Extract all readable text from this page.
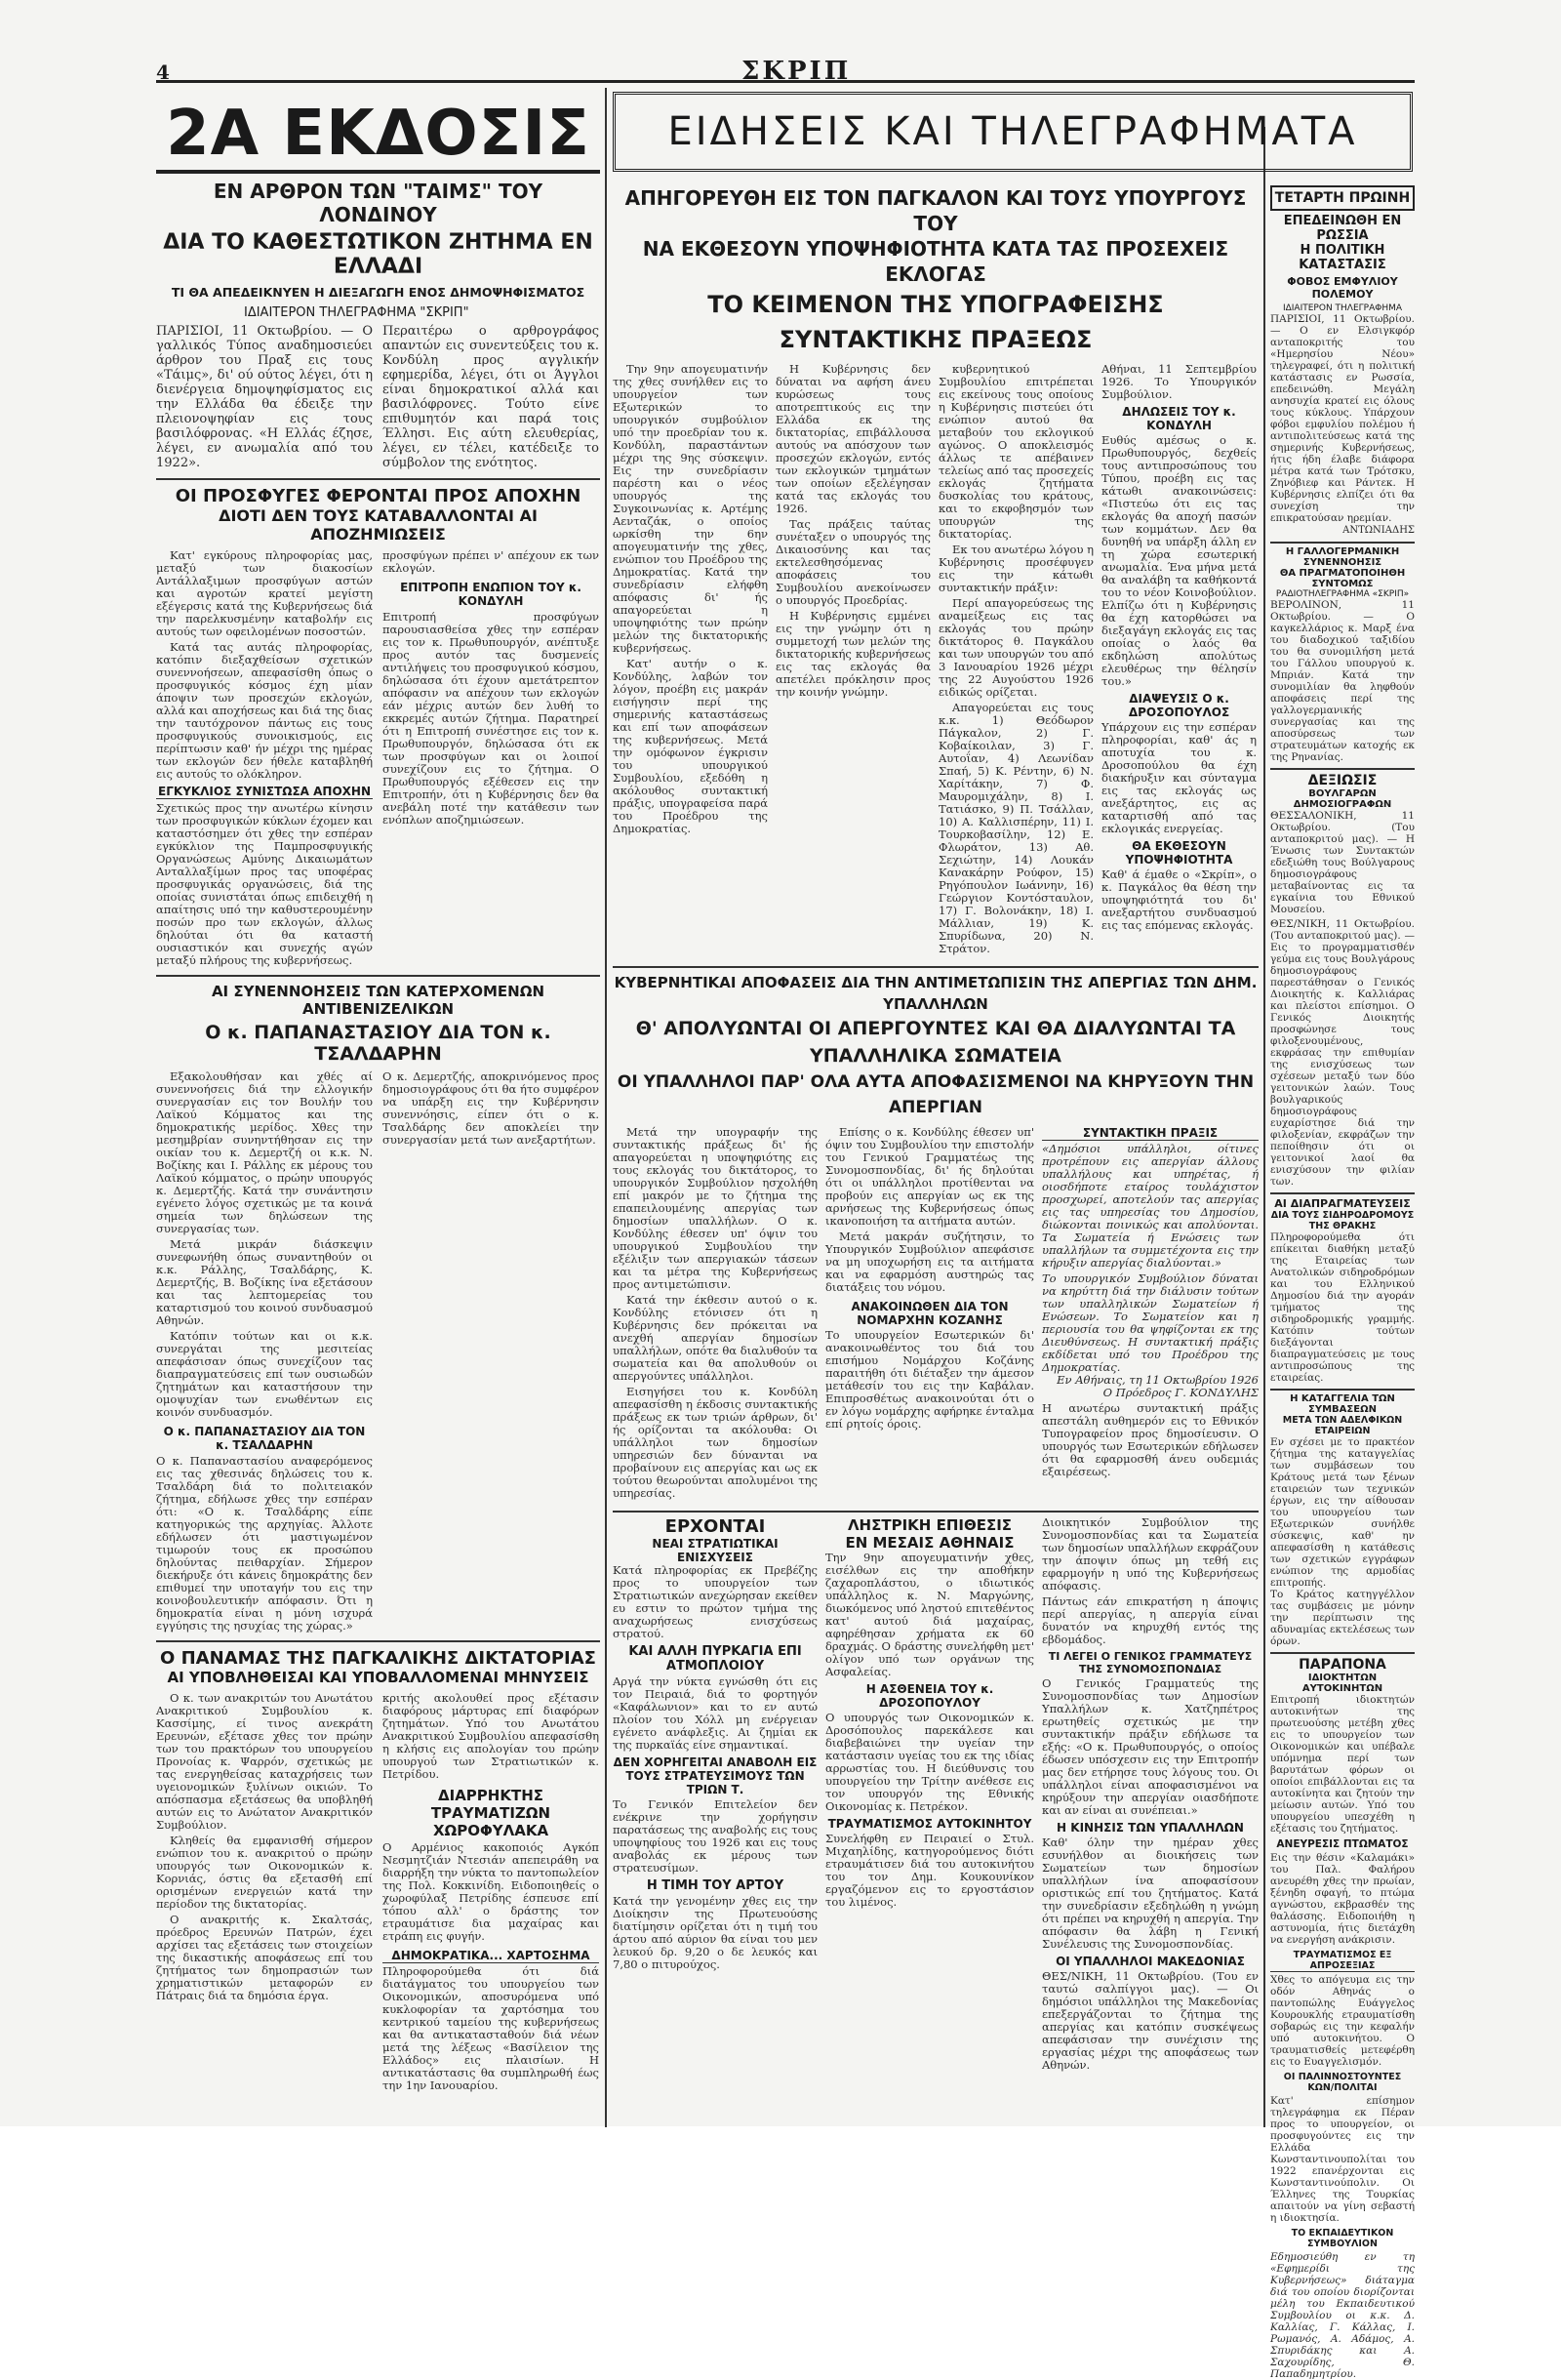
4	ΣΚΡΙΠ
2Α ΕΚΔΟΣΙΣ
ΕΝ ΑΡΘΡΟΝ ΤΩΝ "ΤΑΙΜΣ" ΤΟΥ ΛΟΝΔΙΝΟΥ
ΔΙΑ ΤΟ ΚΑΘΕΣΤΩΤΙΚΟΝ ΖΗΤΗΜΑ ΕΝ ΕΛΛΑΔΙ
ΤΙ ΘΑ ΑΠΕΔΕΙΚΝΥΕΝ Η ΔΙΕΞΑΓΩΓΗ ΕΝΟΣ ΔΗΜΟΨΗΦΙΣΜΑΤΟΣ
ΙΔΙΑΙΤΕΡΟΝ ΤΗΛΕΓΡΑΦΗΜΑ "ΣΚΡΙΠ"
ΠΑΡΙΣΙΟΙ, 11 Οκτωβρίου. — Ο γαλλικός Τύπος αναδημοσιεύει άρθρον του Πραξ εις τους «Τάιμς», δι' ού ούτος λέγει, ότι η διενέργεια δημοψηφίσματος εις την Ελλάδα θα έδειξε την πλειονοψηφίαν εις τους βασιλόφρονας. «Η Ελλάς έζησε, λέγει, εν ανωμαλία από του 1922».
Περαιτέρω ο αρθρογράφος απαντών εις συνεντεύξεις του κ. Κονδύλη προς αγγλικήν εφημερίδα, λέγει, ότι οι Άγγλοι είναι δημοκρατικοί αλλά και βασιλόφρονες. Τούτο είνε επιθυμητόν και παρά τοις Έλλησι. Εις αύτη ελευθερίας, λέγει, εν τέλει, κατέδειξε το σύμβολον της ενότητος.
ΟΙ ΠΡΟΣΦΥΓΕΣ ΦΕΡΟΝΤΑΙ ΠΡΟΣ ΑΠΟΧΗΝ
ΔΙΟΤΙ ΔΕΝ ΤΟΥΣ ΚΑΤΑΒΑΛΛΟΝΤΑΙ ΑΙ ΑΠΟΖΗΜΙΩΣΕΙΣ

Κατ' εγκύρους πληροφορίας μας, μεταξύ των διακοσίων Αντάλλαξιμων προσφύγων αστών και αγροτών κρατεί μεγίστη εξέγερσις κατά της Κυβερνήσεως διά την παρελκυσμένην καταβολήν εις αυτούς των οφειλομένων ποσοστών.

Κατά τας αυτάς πληροφορίας, κατόπιν διεξαχθείσων σχετικών συνεννοήσεων, απεφασίσθη όπως ο προσφυγικός κόσμος έχη μίαν άποψιν των προσεχών εκλογών, αλλά και αποχήσεως και διά της διας την ταυτόχρονον πάντως εις τους προσφυγικούς συνοικισμούς, εις περίπτωσιν καθ' ήν μέχρι της ημέρας των εκλογών δεν ήθελε καταβληθή εις αυτούς το ολόκληρον.

ΕΓΚΥΚΛΙΟΣ ΣΥΝΙΣΤΩΣΑ ΑΠΟΧΗΝ
Σχετικώς προς την ανωτέρω κίνησιν των προσφυγικών κύκλων έχομεν και καταστόσημεν ότι χθες την εσπέραν εγκύκλιον της Παμπροσφυγικής Οργανώσεως Αμύνης Δικαιωμάτων Ανταλλαξίμων προς τας υποφέρας προσφυγικάς οργανώσεις, διά της οποίας συνιστάται όπως επιδειχθή η απαίτησις υπό την καθυστερουμένην ποσών προ των εκλογών, άλλως δηλούται ότι θα καταστή ουσιαστικόν και συνεχής αγών μεταξύ πλήρους της κυβερνήσεως.
προσφύγων πρέπει ν' απέχουν εκ των εκλογών.
ΕΠΙΤΡΟΠΗ ΕΝΩΠΙΟΝ ΤΟΥ κ. ΚΟΝΔΥΛΗ
Επιτροπή προσφύγων παρουσιασθείσα χθες την εσπέραν εις τον κ. Πρωθυπουργόν, ανέπτυξε προς αυτόν τας δυσμενείς αντιλήψεις του προσφυγικού κόσμου, δηλώσασα ότι έχουν αμετάτρεπτον απόφασιν να απέχουν των εκλογών εάν μέχρις αυτών δεν λυθή το εκκρεμές αυτών ζήτημα. Παρατηρεί ότι η Επιτροπή συνέστησε εις τον κ. Πρωθυπουργόν, δηλώσασα ότι εκ των προσφύγων και οι λοιποί συνεχίζουν εις το ζήτημα. Ο Πρωθυπουργός εξέθεσεν εις την Επιτροπήν, ότι η Κυβέρνησις δεν θα ανεβάλη ποτέ την κατάθεσιν των ενόπλων αποζημιώσεων.
ΑΙ ΣΥΝΕΝΝΟΗΣΕΙΣ ΤΩΝ ΚΑΤΕΡΧΟΜΕΝΩΝ ΑΝΤΙΒΕΝΙΖΕΛΙΚΩΝ
Ο κ. ΠΑΠΑΝΑΣΤΑΣΙΟΥ ΔΙΑ ΤΟΝ κ. ΤΣΑΛΔΑΡΗΝ

Εξακολουθήσαν και χθές αί συνεννοήσεις διά την ελλογικήν συνεργασίαν εις τον Βουλήν του Λαϊκού Κόμματος και της δημοκρατικής μερίδος. Χθες την μεσημβρίαν συνηντήθησαν εις την οικίαν του κ. Δεμερτζή οι κ.κ. Ν. Βοζίκης και Ι. Ράλλης εκ μέρους του Λαϊκού κόμματος, ο πρώην υπουργός κ. Δεμερτζής. Κατά την συνάντησιν εγένετο λόγος σχετικώς με τα κοινά σημεία των δηλώσεων της συνεργασίας των.

Μετά μικράν διάσκεψιν συνεφωνήθη όπως συναντηθούν οι κ.κ. Ράλλης, Τσαλδάρης, Κ. Δεμερτζής, Β. Βοζίκης ίνα εξετάσουν και τας λεπτομερείας του καταρτισμού του κοινού συνδυασμού Αθηνών.

Κατόπιν τούτων και οι κ.κ. συνεργάται της μεσιτείας απεφάσισαν όπως συνεχίζουν τας διαπραγματεύσεις επί των ουσιωδών ζητημάτων και καταστήσουν την ομοψυχίαν των ενωθέντων εις κοινόν συνδυασμόν.

Ο κ. ΠΑΠΑΝΑΣΤΑΣΙΟΥ ΔΙΑ ΤΟΝ κ. ΤΣΑΛΔΑΡΗΝ
Ο κ. Παπαναστασίου αναφερόμενος εις τας χθεσινάς δηλώσεις του κ. Τσαλδάρη διά το πολιτειακόν ζήτημα, εδήλωσε χθες την εσπέραν ότι: «Ο κ. Τσαλδάρης είπε κατηγορικώς της αρχηγίας. Άλλοτε εδήλωσεν ότι μαστιγωμένον τιμωρούν τους εκ προσώπου δηλούντας πειθαρχίαν. Σήμερον διεκήρυξε ότι κάνεις δημοκράτης δεν επιθυμεί την υποταγήν του εις την κοινοβουλευτικήν απόφασιν. Ότι η δημοκρατία είναι η μόνη ισχυρά εγγύησις της ησυχίας της χώρας.»
Ο κ. Δεμερτζής, αποκρινόμενος προς δημοσιογράφους ότι θα ήτο συμφέρον να υπάρξη εις την Κυβέρνησιν συνεννόησις, είπεν ότι ο κ. Τσαλδάρης δεν αποκλείει την συνεργασίαν μετά των ανεξαρτήτων.
Ο ΠΑΝΑΜΑΣ ΤΗΣ ΠΑΓΚΑΛΙΚΗΣ ΔΙΚΤΑΤΟΡΙΑΣ
ΑΙ ΥΠΟΒΛΗΘΕΙΣΑΙ ΚΑΙ ΥΠΟΒΑΛΛΟΜΕΝΑΙ ΜΗΝΥΣΕΙΣ

Ο κ. των ανακριτών του Ανωτάτου Ανακριτικού Συμβουλίου κ. Κασσίμης, εί τινος ανεκράτη Ερευνών, εξέτασε χθες τον πρώην των του πρακτόρων του υπουργείου Προνοίας κ. Ψαρρόν, σχετικώς με τας ενεργηθείσας καταχρήσεις των υγειονομικών ξυλίνων οικιών. Το απόσπασμα εξετάσεως θα υποβληθή αυτών εις το Ανώτατον Ανακριτικόν Συμβούλιον.

Κληθείς θα εμφανισθή σήμερον ενώπιον του κ. ανακριτού ο πρώην υπουργός των Οικονομικών κ. Κορνιάς, όστις θα εξετασθή επί ορισμένων ενεργειών κατά την περίοδον της δικτατορίας.

Ο ανακριτής κ. Σκαλτσάς, πρόεδρος Ερευνών Πατρών, έχει αρχίσει τας εξετάσεις των στοιχείων της δικαστικής αποφάσεως επί του ζητήματος των δημοπρασιών των χρηματιστικών μεταφορών εν Πάτραις διά τα δημόσια έργα.

κριτής ακολουθεί προς εξέτασιν διαφόρους μάρτυρας επί διαφόρων ζητημάτων. Υπό του Ανωτάτου Ανακριτικού Συμβουλίου απεφασίσθη η κλήσις εις απολογίαν του πρώην υπουργού των Στρατιωτικών κ. Πετρίδου.
ΔΙΑΡΡΗΚΤΗΣ ΤΡΑΥΜΑΤΙΖΩΝ ΧΩΡΟΦΥΛΑΚΑ
Ο Αρμένιος κακοποιός Αγκόπ Νεσμητζιάν Ντεσιάν απεπειράθη να διαρρήξη την νύκτα το παντοπωλείον της Πολ. Κοκκινίδη. Ειδοποιηθείς ο χωροφύλαξ Πετρίδης έσπευσε επί τόπου αλλ' ο δράστης τον ετραυμάτισε δια μαχαίρας και ετράπη εις φυγήν.
ΔΗΜΟΚΡΑΤΙΚΑ... ΧΑΡΤΟΣΗΜΑ
Πληροφορούμεθα ότι διά διατάγματος του υπουργείου των Οικονομικών, αποσυρόμενα υπό κυκλοφορίαν τα χαρτόσημα του κεντρικού ταμείου της κυβερνήσεως και θα αντικατασταθούν διά νέων μετά της λέξεως «Βασίλειον της Ελλάδος» εις πλαισίων. Η αντικατάστασις θα συμπληρωθή έως την 1ην Ιανουαρίου.
ΕΙΔΗΣΕΙΣ ΚΑΙ ΤΗΛΕΓΡΑΦΗΜΑΤΑ
ΑΠΗΓΟΡΕΥΘΗ ΕΙΣ ΤΟΝ ΠΑΓΚΑΛΟΝ ΚΑΙ ΤΟΥΣ ΥΠΟΥΡΓΟΥΣ ΤΟΥ
ΝΑ ΕΚΘΕΣΟΥΝ ΥΠΟΨΗΦΙΟΤΗΤΑ ΚΑΤΑ ΤΑΣ ΠΡΟΣΕΧΕΙΣ ΕΚΛΟΓΑΣ
ΤΟ ΚΕΙΜΕΝΟΝ ΤΗΣ ΥΠΟΓΡΑΦΕΙΣΗΣ ΣΥΝΤΑΚΤΙΚΗΣ ΠΡΑΞΕΩΣ

Την 9ην απογευματινήν της χθες συνήλθεν εις το υπουργείον των Εξωτερικών το υπουργικόν συμβούλιον υπό την προεδρίαν του κ. Κονδύλη, παραστάντων μέχρι της 9ης σύσκεψιν. Εις την συνεδρίασιν παρέστη και ο νέος υπουργός της Συγκοινωνίας κ. Αρτέμης Αενταζάκ, ο οποίος ωρκίσθη την 6ην απογευματινήν της χθες, ενώπιον του Προέδρου της Δημοκρατίας. Κατά την συνεδρίασιν ελήφθη απόφασις δι' ής απαγορεύεται η υποψηφιότης των πρώην μελών της δικτατορικής κυβερνήσεως.

Κατ' αυτήν ο κ. Κονδύλης, λαβών τον λόγον, προέβη εις μακράν εισήγησιν περί της σημερινής καταστάσεως και επί των αποφάσεων της κυβερνήσεως. Μετά την ομόφωνον έγκρισιν του υπουργικού Συμβουλίου, εξεδόθη η ακόλουθος συντακτική πράξις, υπογραφείσα παρά του Προέδρου της Δημοκρατίας.

Η Κυβέρνησις δεν δύναται να αφήση άνευ κυρώσεως τους αποτρεπτικούς εις την Ελλάδα εκ της δικτατορίας, επιβάλλουσα αυτούς να απόσχουν των προσεχών εκλογών, εντός των εκλογικών τμημάτων των οποίων εξελέγησαν κατά τας εκλογάς του 1926.

Τας πράξεις ταύτας συνέταξεν ο υπουργός της Δικαιοσύνης και τας εκτελεσθησόμενας αποφάσεις του Συμβουλίου ανεκοίνωσεν ο υπουργός Προεδρίας.

Η Κυβέρνησις εμμένει εις την γνώμην ότι η συμμετοχή των μελών της δικτατορικής κυβερνήσεως εις τας εκλογάς θα απετέλει πρόκλησιν προς την κοινήν γνώμην.

κυβερνητικού Συμβουλίου επιτρέπεται εις εκείνους τους οποίους η Κυβέρνησις πιστεύει ότι ενώπιον αυτού θα μεταβούν του εκλογικού αγώνος. Ο αποκλεισμός άλλως τε απέβαινεν τελείως από τας προσεχείς εκλογάς ζητήματα δυσκολίας του κράτους, και το εκφοβησμόν των υπουργών της δικτατορίας.

Εκ του ανωτέρω λόγου η Κυβέρνησις προσέφυγεν εις την κάτωθι συντακτικήν πράξιν:

Περί απαγορεύσεως της αναμείξεως εις τας εκλογάς του πρώην δικτάτορος θ. Παγκάλου και των υπουργών του από 3 Ιανουαρίου 1926 μέχρι της 22 Αυγούστου 1926 ειδικώς ορίζεται.

Απαγορεύεται εις τους κ.κ. 1) Θεόδωρον Πάγκαλον, 2) Γ. Κοβαίκοιλαν, 3) Γ. Αυτοΐαν, 4) Λεωνίδαν Σπαή, 5) Κ. Ρέντην, 6) Ν. Χαρίτάκην, 7) Φ. Μαυρομιχάλην, 8) Ι. Τατιάσκο, 9) Π. Τσάλλαν, 10) Α. Καλλισπέρην, 11) Ι. Τουρκοβασίλην, 12) Ε. Φλωράτον, 13) Αθ. Σεχιώτην, 14) Λουκάν Κανακάρην Ρούφον, 15) Ρηγόπουλον Ιωάννην, 16) Γεώργιον Κοντόσταυλον, 17) Γ. Βολονάκην, 18) Ι. Μάλλιαν, 19) Κ. Σπυρίδωνα, 20) Ν. Στράτον.

Αθήναι, 11 Σεπτεμβρίου 1926. Το Υπουργικόν Συμβούλιον.
ΔΗΛΩΣΕΙΣ ΤΟΥ κ. ΚΟΝΔΥΛΗ
Ευθύς αμέσως ο κ. Πρωθυπουργός, δεχθείς τους αντιπροσώπους του Τύπου, προέβη εις τας κάτωθι ανακοινώσεις: «Πιστεύω ότι εις τας εκλογάς θα αποχή πασών των κομμάτων. Δεν θα δυνηθή να υπάρξη άλλη εν τη χώρα εσωτερική ανωμαλία. Ένα μήνα μετά θα αναλάβη τα καθήκοντά του το νέον Κοινοβούλιον. Ελπίζω ότι η Κυβέρνησις θα έχη κατορθώσει να διεξαγάγη εκλογάς εις τας οποίας ο λαός θα εκδηλώση απολύτως ελευθέρως την θέλησίν του.»
ΔΙΑΨΕΥΣΙΣ Ο κ. ΔΡΟΣΟΠΟΥΛΟΣ
Υπάρχουν εις την εσπέραν πληροφορίαι, καθ' άς η αποτυχία του κ. Δροσοπούλου θα έχη διακήρυξιν και σύνταγμα εις τας εκλογάς ως ανεξάρτητος, εις ας καταρτισθή από τας εκλογικάς ενεργείας.
ΘΑ ΕΚΘΕΣΟΥΝ ΥΠΟΨΗΦΙΟΤΗΤΑ
Καθ' ά έμαθε ο «Σκρίπ», ο κ. Παγκάλος θα θέση την υποψηφιότητά του δι' ανεξαρτήτου συνδυασμού εις τας επόμενας εκλογάς.
ΚΥΒΕΡΝΗΤΙΚΑΙ ΑΠΟΦΑΣΕΙΣ ΔΙΑ ΤΗΝ ΑΝΤΙΜΕΤΩΠΙΣΙΝ ΤΗΣ ΑΠΕΡΓΙΑΣ ΤΩΝ ΔΗΜ. ΥΠΑΛΛΗΛΩΝ
Θ' ΑΠΟΛΥΩΝΤΑΙ ΟΙ ΑΠΕΡΓΟΥΝΤΕΣ ΚΑΙ ΘΑ ΔΙΑΛΥΩΝΤΑΙ ΤΑ ΥΠΑΛΛΗΛΙΚΑ ΣΩΜΑΤΕΙΑ
ΟΙ ΥΠΑΛΛΗΛΟΙ ΠΑΡ' ΟΛΑ ΑΥΤΑ ΑΠΟΦΑΣΙΣΜΕΝΟΙ ΝΑ ΚΗΡΥΞΟΥΝ ΤΗΝ ΑΠΕΡΓΙΑΝ

Μετά την υπογραφήν της συντακτικής πράξεως δι' ής απαγορεύεται η υποψηφιότης εις τους εκλογάς του δικτάτορος, το υπουργικόν Συμβούλιον ησχολήθη επί μακρόν με το ζήτημα της επαπειλουμένης απεργίας των δημοσίων υπαλλήλων. Ο κ. Κονδύλης έθεσεν υπ' όψιν του υπουργικού Συμβουλίου την εξέλιξιν των απεργιακών τάσεων και τα μέτρα της Κυβερνήσεως προς αντιμετώπισιν.

Κατά την έκθεσιν αυτού ο κ. Κονδύλης ετόνισεν ότι η Κυβέρνησις δεν πρόκειται να ανεχθή απεργίαν δημοσίων υπαλλήλων, οπότε θα διαλυθούν τα σωματεία και θα απολυθούν οι απεργούντες υπάλληλοι.

Εισηγήσει του κ. Κονδύλη απεφασίσθη η έκδοσις συντακτικής πράξεως εκ των τριών άρθρων, δι' ής ορίζονται τα ακόλουθα: Οι υπάλληλοι των δημοσίων υπηρεσιών δεν δύνανται να προβαίνουν εις απεργίας και ως εκ τούτου θεωρούνται απολυμένοι της υπηρεσίας.

Επίσης ο κ. Κονδύλης έθεσεν υπ' όψιν του Συμβουλίου την επιστολήν του Γενικού Γραμματέως της Συνομοσπονδίας, δι' ής δηλούται ότι οι υπάλληλοι προτίθενται να προβούν εις απεργίαν ως εκ της αρνήσεως της Κυβερνήσεως όπως ικανοποιήση τα αιτήματα αυτών.

Μετά μακράν συζήτησιν, το Υπουργικόν Συμβούλιον απεφάσισε να μη υποχωρήση εις τα αιτήματα και να εφαρμόση αυστηρώς τας διατάξεις του νόμου.

ΑΝΑΚΟΙΝΩΘΕΝ ΔΙΑ ΤΟΝ ΝΟΜΑΡΧΗΝ ΚΟΖΑΝΗΣ
Το υπουργείον Εσωτερικών δι' ανακοινωθέντος του διά του επισήμου Νομάρχου Κοζάνης παραιτήθη ότι διέταξεν την άμεσον μετάθεσίν του εις την Καβάλαν. Επιπροσθέτως ανακοινούται ότι ο εν λόγω νομάρχης αφήρηκε ένταλμα επί ρητοίς όροις.
ΣΥΝΤΑΚΤΙΚΗ ΠΡΑΞΙΣ
«Δημόσιοι υπάλληλοι, οίτινες προτρέπουν εις απεργίαν άλλους υπαλλήλους και υπηρέτας, ή οιοσδήποτε εταίρος τουλάχιστον προσχωρεί, αποτελούν τας απεργίας εις τας υπηρεσίας του Δημοσίου, διώκονται ποινικώς και απολύονται. Τα Σωματεία ή Ενώσεις των υπαλλήλων τα συμμετέχοντα εις την κήρυξιν απεργίας διαλύονται.»
Το υπουργικόν Συμβούλιον δύναται να κηρύττη διά την διάλυσιν τούτων των υπαλληλικών Σωματείων ή Ενώσεων. Το Σωματείον και η περιουσία του θα ψηφίζονται εκ της Διευθύνσεως. Η συντακτική πράξις εκδίδεται υπό του Προέδρου της Δημοκρατίας.
Εν Αθήναις, τη 11 Οκτωβρίου 1926
Ο Πρόεδρος Γ. ΚΟΝΔΥΛΗΣ
Η ανωτέρω συντακτική πράξις απεστάλη αυθημερόν εις το Εθνικόν Τυπογραφείον προς δημοσίευσιν. Ο υπουργός των Εσωτερικών εδήλωσεν ότι θα εφαρμοσθή άνευ ουδεμιάς εξαιρέσεως.
ΕΡΧΟΝΤΑΙ
ΝΕΑΙ ΣΤΡΑΤΙΩΤΙΚΑΙ ΕΝΙΣΧΥΣΕΙΣ
Κατά πληροφορίας εκ Πρεβέζης προς το υπουργείον των Στρατιωτικών ανεχώρησαν εκείθεν ευ εστιν το πρώτον τμήμα της αναχωρήσεως ενισχύσεως στρατού.
ΚΑΙ ΑΛΛΗ ΠΥΡΚΑΓΙΑ ΕΠΙ ΑΤΜΟΠΛΟΙΟΥ
Αργά την νύκτα εγνώσθη ότι εις τον Πειραιά, διά το φορτηγόν «Καφάλωνιον» και το εν αυτώ πλοίον του Χόλλ μη ενέργειαν εγένετο ανάφλεξις. Αι ζημίαι εκ της πυρκαϊάς είνε σημαντικαί.
ΔΕΝ ΧΟΡΗΓΕΙΤΑΙ ΑΝΑΒΟΛΗ ΕΙΣ ΤΟΥΣ ΣΤΡΑΤΕΥΣΙΜΟΥΣ ΤΩΝ ΤΡΙΩΝ Τ.
Το Γενικόν Επιτελείον δεν ενέκρινε την χορήγησιν παρατάσεως της αναβολής εις τους υποψηφίους του 1926 και εις τους αναβολάς εκ μέρους των στρατευσίμων.
Η ΤΙΜΗ ΤΟΥ ΑΡΤΟΥ
Κατά την γενομένην χθες εις την Διοίκησιν της Πρωτευούσης διατίμησιν ορίζεται ότι η τιμή του άρτου από αύριον θα είναι του μεν λευκού δρ. 9,20 ο δε λευκός και 7,80 ο πιτυρούχος.
ΛΗΣΤΡΙΚΗ ΕΠΙΘΕΣΙΣ
ΕΝ ΜΕΣΑΙΣ ΑΘΗΝΑΙΣ
Την 9ην απογευματινήν χθες, εισέλθων εις την αποθήκην ζαχαροπλάστου, ο ιδιωτικός υπάλληλος κ. Ν. Μαργώνης, διωκόμενος υπό ληστού επιτεθέντος κατ' αυτού διά μαχαίρας, αφηρέθησαν χρήματα εκ 60 δραχμάς. Ο δράστης συνελήφθη μετ' ολίγον υπό των οργάνων της Ασφαλείας.
Η ΑΣΘΕΝΕΙΑ ΤΟΥ κ. ΔΡΟΣΟΠΟΥΛΟΥ
Ο υπουργός των Οικονομικών κ. Δροσόπουλος παρεκάλεσε και διαβεβαιώνει την υγείαν την κατάστασιν υγείας του εκ της ιδίας αρρωστίας του. Η διεύθυνσις του υπουργείου την Τρίτην ανέθεσε εις τον υπουργόν της Εθνικής Οικονομίας κ. Πετρέκον.
ΤΡΑΥΜΑΤΙΣΜΟΣ ΑΥΤΟΚΙΝΗΤΟΥ
Συνελήφθη εν Πειραιεί ο Στυλ. Μιχαηλίδης, κατηγορούμενος διότι ετραυμάτισεν διά του αυτοκινήτου του τον Δημ. Κουκουνίκον εργαζόμενον εις το εργοστάσιον του λιμένος.
Διοικητικόν Συμβούλιον της Συνομοσπονδίας και τα Σωματεία των δημοσίων υπαλλήλων εκφράζουν την άποψιν όπως μη τεθή εις εφαρμογήν η υπό της Κυβερνήσεως απόφασις.
Πάντως εάν επικρατήση η άποψις περί απεργίας, η απεργία είναι δυνατόν να κηρυχθή εντός της εβδομάδος.
ΤΙ ΛΕΓΕΙ Ο ΓΕΝΙΚΟΣ ΓΡΑΜΜΑΤΕΥΣ ΤΗΣ ΣΥΝΟΜΟΣΠΟΝΔΙΑΣ
Ο Γενικός Γραμματεύς της Συνομοσπονδίας των Δημοσίων Υπαλλήλων κ. Χατζηπέτρος ερωτηθείς σχετικώς με την συντακτικήν πράξιν εδήλωσε τα εξής: «Ο κ. Πρωθυπουργός, ο οποίος έδωσεν υπόσχεσιν εις την Επιτροπήν μας δεν ετήρησε τους λόγους του. Οι υπάλληλοι είναι αποφασισμένοι να κηρύξουν την απεργίαν οιασδήποτε και αν είναι αι συνέπειαι.»
Η ΚΙΝΗΣΙΣ ΤΩΝ ΥΠΑΛΛΗΛΩΝ
Καθ' όλην την ημέραν χθες εσυνήλθον αι διοικήσεις των Σωματείων των δημοσίων υπαλλήλων ίνα αποφασίσουν οριστικώς επί του ζητήματος. Κατά την συνεδρίασιν εξεδηλώθη η γνώμη ότι πρέπει να κηρυχθή η απεργία. Την απόφασιν θα λάβη η Γενική Συνέλευσις της Συνομοσπονδίας.
ΟΙ ΥΠΑΛΛΗΛΟΙ ΜΑΚΕΔΟΝΙΑΣ
ΘΕΣ/ΝΙΚΗ, 11 Οκτωβρίου. (Του εν ταυτώ σαλπίγγοι μας). — Οι δημόσιοι υπάλληλοι της Μακεδονίας επεξεργάζονται το ζήτημα της απεργίας και κατόπιν συσκέψεως απεφάσισαν την συνέχισιν της εργασίας μέχρι της αποφάσεως των Αθηνών.
ΤΕΤΑΡΤΗ ΠΡΩΙΝΗ
ΕΠΕΔΕΙΝΩΘΗ ΕΝ ΡΩΣΣΙΑ
Η ΠΟΛΙΤΙΚΗ ΚΑΤΑΣΤΑΣΙΣ
ΦΟΒΟΣ ΕΜΦΥΛΙΟΥ ΠΟΛΕΜΟΥ
ΙΔΙΑΙΤΕΡΟΝ ΤΗΛΕΓΡΑΦΗΜΑ
ΠΑΡΙΣΙΟΙ, 11 Οκτωβρίου. — Ο εν Ελσιγκφόρ ανταποκριτής του «Ημερησίου Νέου» τηλεγραφεί, ότι η πολιτική κατάστασις εν Ρωσσία, επεδεινώθη. Μεγάλη ανησυχία κρατεί εις όλους τους κύκλους. Υπάρχουν φόβοι εμφυλίου πολέμου ή αντιπολιτεύσεως κατά της σημερινής Κυβερνήσεως, ήτις ήδη έλαβε διάφορα μέτρα κατά των Τρότσκυ, Ζηνόβιεφ και Ράντεκ. Η Κυβέρνησις ελπίζει ότι θα συνεχίση την επικρατούσαν ηρεμίαν.
ΑΝΤΩΝΙΑΔΗΣ
Η ΓΑΛΛΟΓΕΡΜΑΝΙΚΗ ΣΥΝΕΝΝΟΗΣΙΣ
ΘΑ ΠΡΑΓΜΑΤΟΠΟΙΗΘΗ ΣΥΝΤΟΜΩΣ
ΡΑΔΙΟΤΗΛΕΓΡΑΦΗΜΑ «ΣΚΡΙΠ»
ΒΕΡΟΛΙΝΟΝ, 11 Οκτωβρίου. — Ο καγκελλάριος κ. Μαρξ ένα του διαδοχικού ταξιδίου του θα συνομιλήση μετά του Γάλλου υπουργού κ. Μπριάν. Κατά την συνομιλίαν θα ληφθούν αποφάσεις περί της γαλλογερμανικής συνεργασίας και της αποσύρσεως των στρατευμάτων κατοχής εκ της Ρηνανίας.
ΔΕΞΙΩΣΙΣ
ΒΟΥΛΓΑΡΩΝ ΔΗΜΟΣΙΟΓΡΑΦΩΝ
ΘΕΣΣΑΛΟΝΙΚΗ, 11 Οκτωβρίου. (Του ανταποκριτού μας). — Η Ένωσις των Συντακτών εδεξιώθη τους Βούλγαρους δημοσιογράφους μεταβαίνοντας εις τα εγκαίνια του Εθνικού Μουσείου.
ΘΕΣ/ΝΙΚΗ, 11 Οκτωβρίου. (Του ανταποκριτού μας). — Εις το προγραμματισθέν γεύμα εις τους Βουλγάρους δημοσιογράφους παρεστάθησαν ο Γενικός Διοικητής κ. Καλλιάρας και πλείστοι επίσημοι. Ο Γενικός Διοικητής προσφώνησε τους φιλοξενουμένους, εκφράσας την επιθυμίαν της ενισχύσεως των σχέσεων μεταξύ των δύο γειτονικών λαών. Τους βουλγαρικούς δημοσιογράφους ευχαρίστησε διά την φιλοξενίαν, εκφράζων την πεποίθησιν ότι οι γειτονικοί λαοί θα ενισχύσουν την φιλίαν των.
ΑΙ ΔΙΑΠΡΑΓΜΑΤΕΥΣΕΙΣ
ΔΙΑ ΤΟΥΣ ΣΙΔΗΡΟΔΡΟΜΟΥΣ ΤΗΣ ΘΡΑΚΗΣ
Πληροφορούμεθα ότι επίκειται διαθήκη μεταξύ της Εταιρείας των Ανατολικών σιδηροδρόμων και του Ελληνικού Δημοσίου διά την αγοράν τμήματος της σιδηροδρομικής γραμμής. Κατόπιν τούτων διεξάγονται διαπραγματεύσεις με τους αντιπροσώπους της εταιρείας.
Η ΚΑΤΑΓΓΕΛΙΑ ΤΩΝ ΣΥΜΒΑΣΕΩΝ
ΜΕΤΑ ΤΩΝ ΑΔΕΛΦΙΚΩΝ ΕΤΑΙΡΕΙΩΝ
Εν σχέσει με το πρακτέον ζήτημα της καταγγελίας των συμβάσεων του Κράτους μετά των ξένων εταιρειών των τεχνικών έργων, εις την αίθουσαν του υπουργείου των Εξωτερικών συνήλθε σύσκεψις, καθ' ην απεφασίσθη η κατάθεσις των σχετικών εγγράφων ενώπιον της αρμοδίας επιτροπής.
Το Κράτος κατηγγέλλον τας συμβάσεις με μόνην την περίπτωσιν της αδυναμίας εκτελέσεως των όρων.
ΠΑΡΑΠΟΝΑ
ΙΔΙΟΚΤΗΤΩΝ ΑΥΤΟΚΙΝΗΤΩΝ
Επιτροπή ιδιοκτητών αυτοκινήτων της πρωτευούσης μετέβη χθες εις το υπουργείον των Οικονομικών και υπέβαλε υπόμνημα περί των βαρυτάτων φόρων οι οποίοι επιβάλλονται εις τα αυτοκίνητα και ζητούν την μείωσιν αυτών. Υπό του υπουργείου υπεσχέθη η εξέτασις του ζητήματος.
ΑΝΕΥΡΕΣΙΣ ΠΤΩΜΑΤΟΣ
Εις την θέσιν «Καλαμάκι» του Παλ. Φαλήρου ανευρέθη χθες την πρωίαν, ξένηδη σφαγή, το πτώμα αγνώστου, εκβρασθέν της θαλάσσης. Ειδοποιήθη η αστυνομία, ήτις διετάχθη να ενεργήση ανάκρισιν.
ΤΡΑΥΜΑΤΙΣΜΟΣ ΕΞ ΑΠΡΟΣΕΞΙΑΣ
Χθες το απόγευμα εις την οδόν Αθηνάς ο παντοπώλης Ευάγγελος Κουρουκλής ετραυματίσθη σοβαρώς εις την κεφαλήν υπό αυτοκινήτου. Ο τραυματισθείς μετεφέρθη εις το Ευαγγελισμόν.
ΟΙ ΠΑΛΙΝΝΟΣΤΟΥΝΤΕΣ ΚΩΝ/ΠΟΛΙΤΑΙ
Κατ' επίσημον τηλεγράφημα εκ Πέραν προς το υπουργείον, οι προσφυγούντες εις την Ελλάδα Κωνσταντινουπολίται του 1922 επανέρχονται εις Κωνσταντινούπολιν. Οι Έλληνες της Τουρκίας απαιτούν να γίνη σεβαστή η ιδιοκτησία.
ΤΟ ΕΚΠΑΙΔΕΥΤΙΚΟΝ ΣΥΜΒΟΥΛΙΟΝ
Εδημοσιεύθη εν τη «Εφημερίδι της Κυβερνήσεως» διάταγμα διά του οποίου διορίζονται μέλη του Εκπαιδευτικού Συμβουλίου οι κ.κ. Δ. Καλλίας, Γ. Κάλλας, Ι. Ρωμανός, Α. Αδάμος, Α. Σπυριδάκης και Α. Σαχουρίδης, Θ. Παπαδημητρίου.
